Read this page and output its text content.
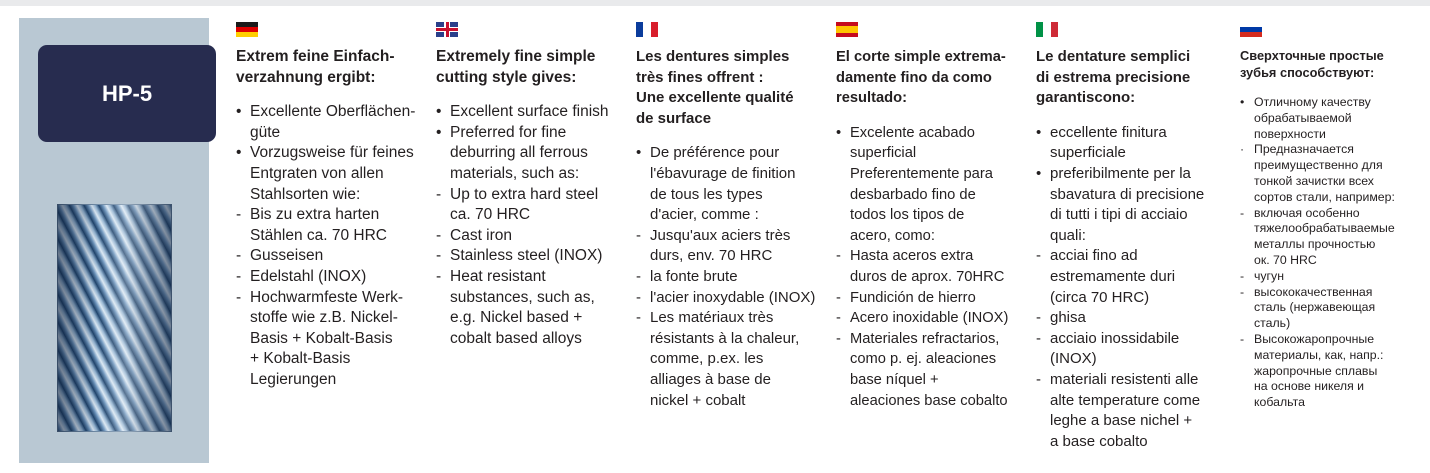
HP-5
Extrem feine Einfach-
verzahnung ergibt:
• Excellente Oberflächen-
güte
• Vorzugsweise für feines
Entgraten von allen
Stahlsorten wie:
- Bis zu extra harten
Stählen ca. 70 HRC
- Gusseisen
- Edelstahl (INOX)
- Hochwarmfeste Werk-
stoffe wie z.B. Nickel-
Basis + Kobalt-Basis
+ Kobalt-Basis
Legierungen
Extremely fine simple
cutting style gives:
• Excellent surface finish
• Preferred for fine
deburring all ferrous
materials, such as:
- Up to extra hard steel
ca. 70 HRC
- Cast iron
- Stainless steel (INOX)
- Heat resistant
substances, such as,
e.g. Nickel based +
cobalt based alloys
Les dentures simples
très fines offrent :
Une excellente qualité
de surface
• De préférence pour
l'ébavurage de finition
de tous les types
d'acier, comme :
- Jusqu'aux aciers très
durs, env. 70 HRC
- la fonte brute
- l'acier inoxydable (INOX)
- Les matériaux très
résistants à la chaleur,
comme, p.ex. les
alliages à base de
nickel + cobalt
El corte simple extrema-
damente fino da como
resultado:
• Excelente acabado
superficial
Preferentemente para
desbarbado fino de
todos los tipos de
acero, como:
- Hasta aceros extra
duros de aprox. 70HRC
- Fundición de hierro
- Acero inoxidable (INOX)
- Materiales refractarios,
como p. ej. aleaciones
base níquel +
aleaciones base cobalto
Le dentature semplici
di estrema precisione
garantiscono:
• eccellente finitura
superficiale
• preferibilmente per la
sbavatura di precisione
di tutti i tipi di acciaio
quali:
- acciai fino ad
estremamente duri
(circa 70 HRC)
- ghisa
- acciaio inossidabile (INOX)
- materiali resistenti alle
alte temperature come
leghe a base nichel +
a base cobalto
Сверхточные простые
зубья способствуют:
• Отличному качеству
обрабатываемой
поверхности
· Предназначается
преимущественно для
тонкой зачистки всех
сортов стали, например:
- включая особенно
тяжелообрабатываемые
металлы прочностью
ок. 70 HRC
- чугун
- высококачественная
сталь (нержавеющая
сталь)
- Высокожаропрочные
материалы, как, напр.:
жаропрочные сплавы
на основе никеля и
кобальта
